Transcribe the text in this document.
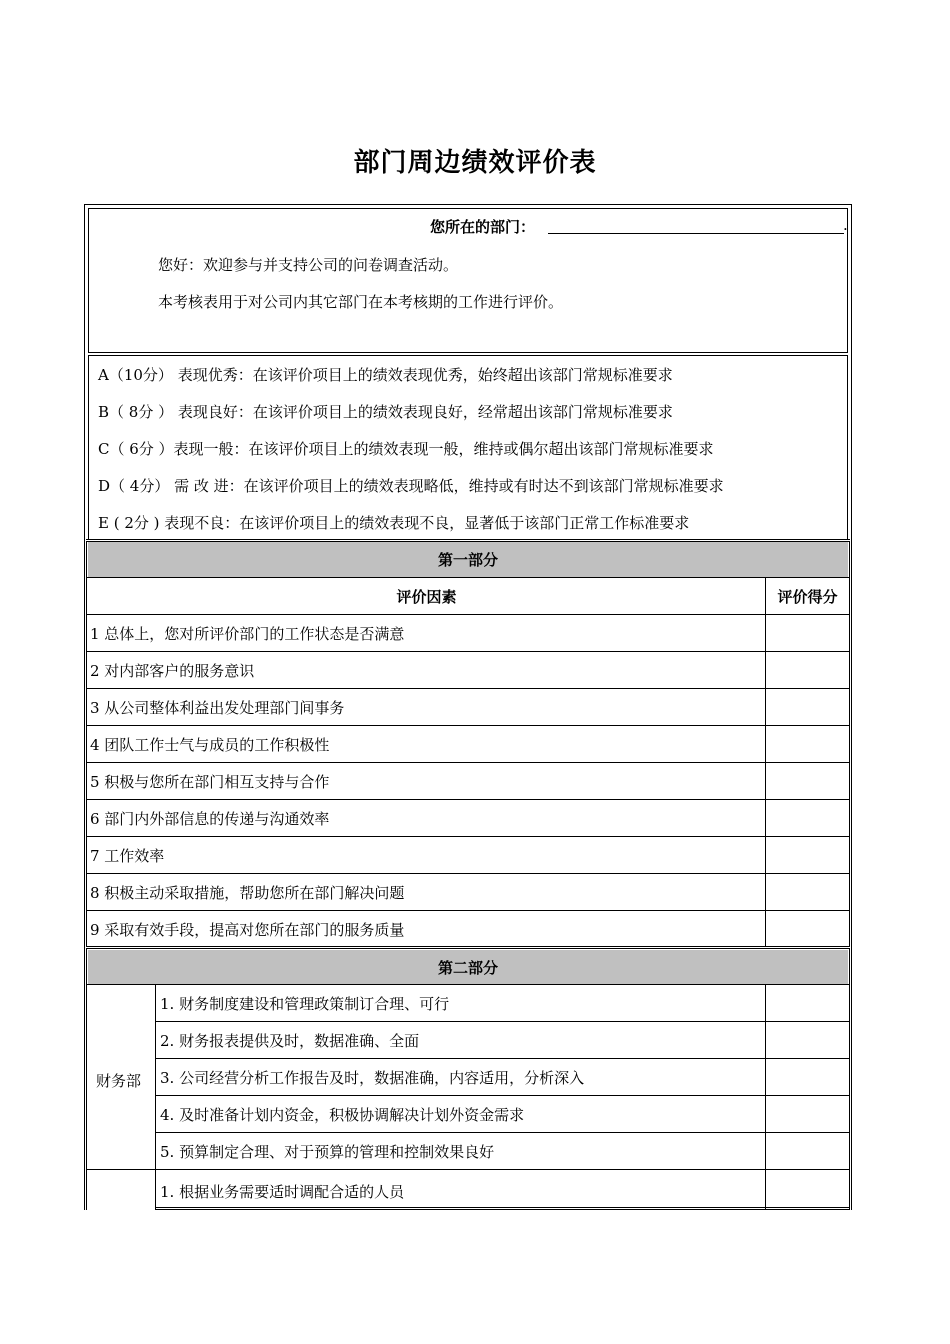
部门周边绩效评价表
您所在的部门：	.
您好：欢迎参与并支持公司的问卷调查活动。
本考核表用于对公司内其它部门在本考核期的工作进行评价。
A（10分） 表现优秀：在该评价项目上的绩效表现优秀，始终超出该部门常规标准要求
B（ 8分 ） 表现良好：在该评价项目上的绩效表现良好，经常超出该部门常规标准要求
C（ 6分 ）表现一般：在该评价项目上的绩效表现一般，维持或偶尔超出该部门常规标准要求
D（ 4分） 需 改 进：在该评价项目上的绩效表现略低，维持或有时达不到该部门常规标准要求
E ( 2分 ) 表现不良：在该评价项目上的绩效表现不良，显著低于该部门正常工作标准要求
第一部分
评价因素	评价得分
1 总体上，您对所评价部门的工作状态是否满意
2 对内部客户的服务意识
3 从公司整体利益出发处理部门间事务
4 团队工作士气与成员的工作积极性
5 积极与您所在部门相互支持与合作
6 部门内外部信息的传递与沟通效率
7 工作效率
8 积极主动采取措施，帮助您所在部门解决问题
9 采取有效手段，提高对您所在部门的服务质量
第二部分
财务部
1. 财务制度建设和管理政策制订合理、可行
2. 财务报表提供及时，数据准确、全面
3. 公司经营分析工作报告及时，数据准确，内容适用，分析深入
4. 及时准备计划内资金，积极协调解决计划外资金需求
5. 预算制定合理、对于预算的管理和控制效果良好
1. 根据业务需要适时调配合适的人员
